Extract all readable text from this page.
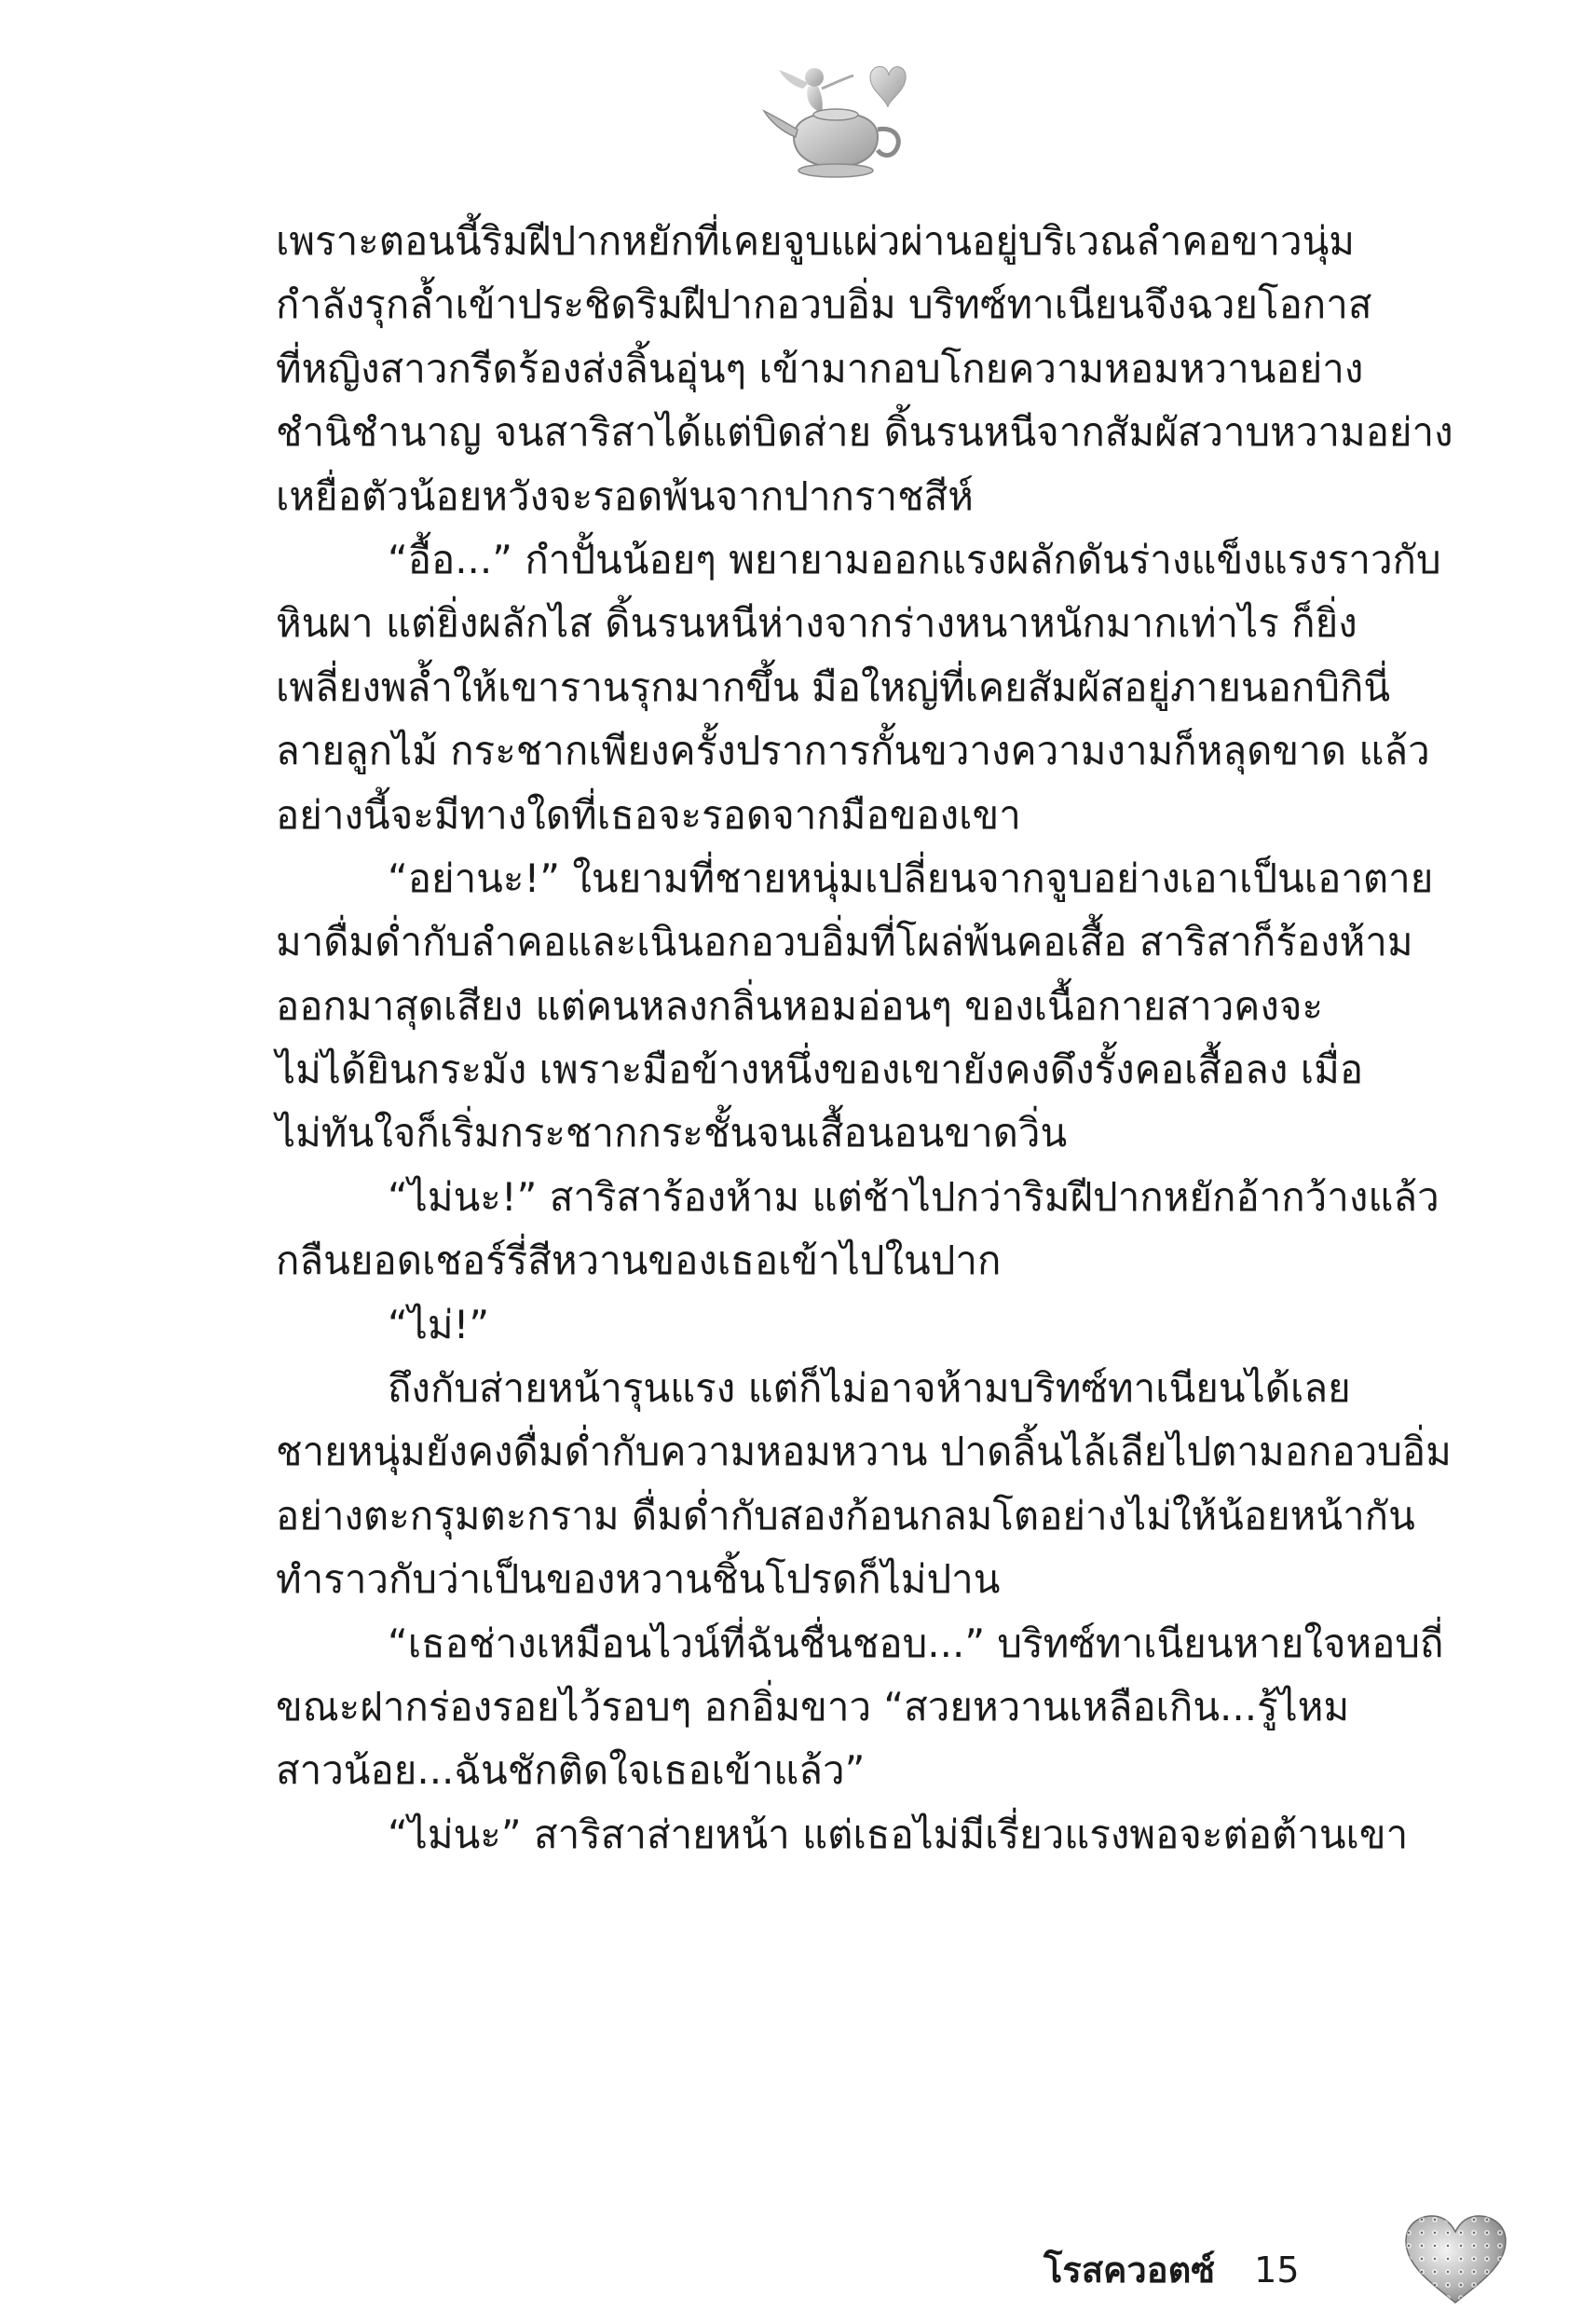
เพราะตอนนี้ริมฝีปากหยักที่เคยจูบแผ่วผ่านอยู่บริเวณลำคอขาวนุ่ม
กำลังรุกล้ำเข้าประชิดริมฝีปากอวบอิ่ม บริทซ์ทาเนียนจึงฉวยโอกาส
ที่หญิงสาวกรีดร้องส่งลิ้นอุ่นๆ เข้ามากอบโกยความหอมหวานอย่าง
ชำนิชำนาญ จนสาริสาได้แต่บิดส่าย ดิ้นรนหนีจากสัมผัสวาบหวามอย่าง
เหยื่อตัวน้อยหวังจะรอดพ้นจากปากราชสีห์
“อื้อ...” กำปั้นน้อยๆ พยายามออกแรงผลักดันร่างแข็งแรงราวกับ
หินผา แต่ยิ่งผลักไส ดิ้นรนหนีห่างจากร่างหนาหนักมากเท่าไร ก็ยิ่ง
เพลี่ยงพล้ำให้เขารานรุกมากขึ้น มือใหญ่ที่เคยสัมผัสอยู่ภายนอกบิกินี่
ลายลูกไม้ กระชากเพียงครั้งปราการกั้นขวางความงามก็หลุดขาด แล้ว
อย่างนี้จะมีทางใดที่เธอจะรอดจากมือของเขา
“อย่านะ!” ในยามที่ชายหนุ่มเปลี่ยนจากจูบอย่างเอาเป็นเอาตาย
มาดื่มด่ำกับลำคอและเนินอกอวบอิ่มที่โผล่พ้นคอเสื้อ สาริสาก็ร้องห้าม
ออกมาสุดเสียง แต่คนหลงกลิ่นหอมอ่อนๆ ของเนื้อกายสาวคงจะ
ไม่ได้ยินกระมัง เพราะมือข้างหนึ่งของเขายังคงดึงรั้งคอเสื้อลง เมื่อ
ไม่ทันใจก็เริ่มกระชากกระชั้นจนเสื้อนอนขาดวิ่น
“ไม่นะ!” สาริสาร้องห้าม แต่ช้าไปกว่าริมฝีปากหยักอ้ากว้างแล้ว
กลืนยอดเชอร์รี่สีหวานของเธอเข้าไปในปาก
“ไม่!”
ถึงกับส่ายหน้ารุนแรง แต่ก็ไม่อาจห้ามบริทซ์ทาเนียนได้เลย
ชายหนุ่มยังคงดื่มด่ำกับความหอมหวาน ปาดลิ้นไล้เลียไปตามอกอวบอิ่ม
อย่างตะกรุมตะกราม ดื่มด่ำกับสองก้อนกลมโตอย่างไม่ให้น้อยหน้ากัน
ทำราวกับว่าเป็นของหวานชิ้นโปรดก็ไม่ปาน
“เธอช่างเหมือนไวน์ที่ฉันชื่นชอบ...” บริทซ์ทาเนียนหายใจหอบถี่
ขณะฝากร่องรอยไว้รอบๆ อกอิ่มขาว “สวยหวานเหลือเกิน...รู้ไหม
สาวน้อย...ฉันชักติดใจเธอเข้าแล้ว”
“ไม่นะ” สาริสาส่ายหน้า แต่เธอไม่มีเรี่ยวแรงพอจะต่อต้านเขา
โรสควอตซ์ 15
